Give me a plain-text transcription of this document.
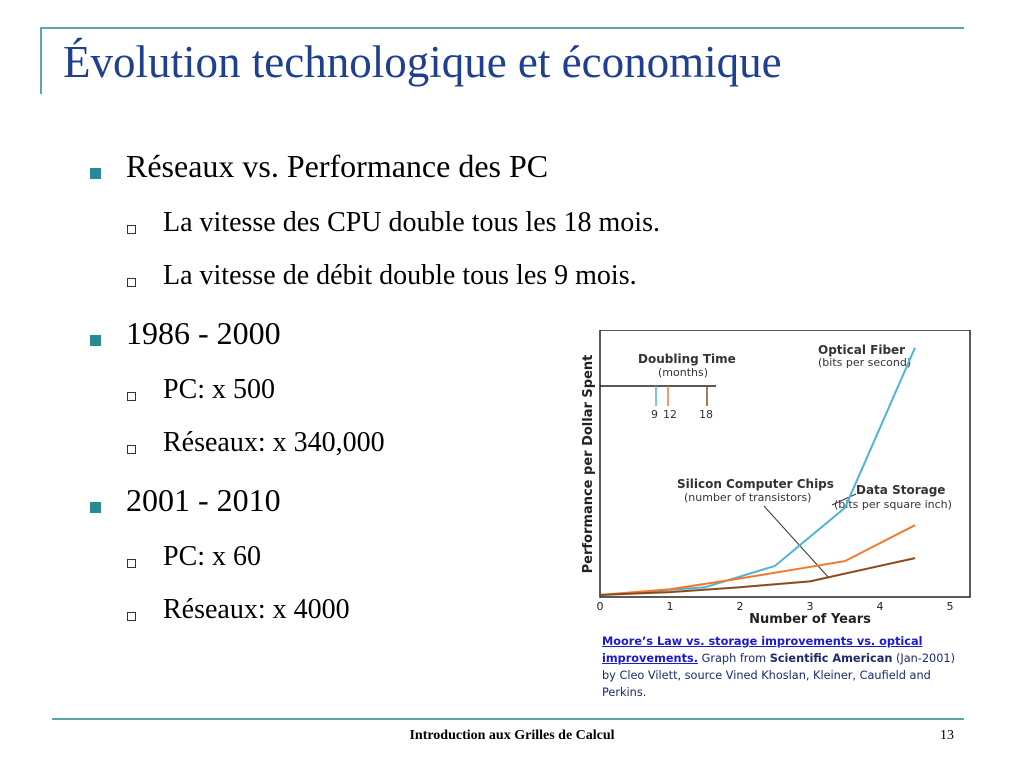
Évolution technologique et économique
Réseaux vs. Performance des PC
La vitesse des CPU double tous les 18 mois.
La vitesse de débit double tous les 9 mois.
1986 - 2000
PC: x 500
Réseaux: x 340,000
2001 - 2010
PC: x 60
Réseaux: x 4000
Performance per Dollar Spent
0	1	2	3	4	5
Number of Years
Doubling Time
(months)
9 12 18
Optical Fiber
(bits per second)
Silicon Computer Chips
(number of transistors)
Data Storage
(bits per square inch)
Moore’s Law vs. storage improvements vs. optical improvements. Graph from Scientific American (Jan-2001) by Cleo Vilett, source Vined Khoslan, Kleiner, Caufield and Perkins.
Introduction aux Grilles de Calcul	13
